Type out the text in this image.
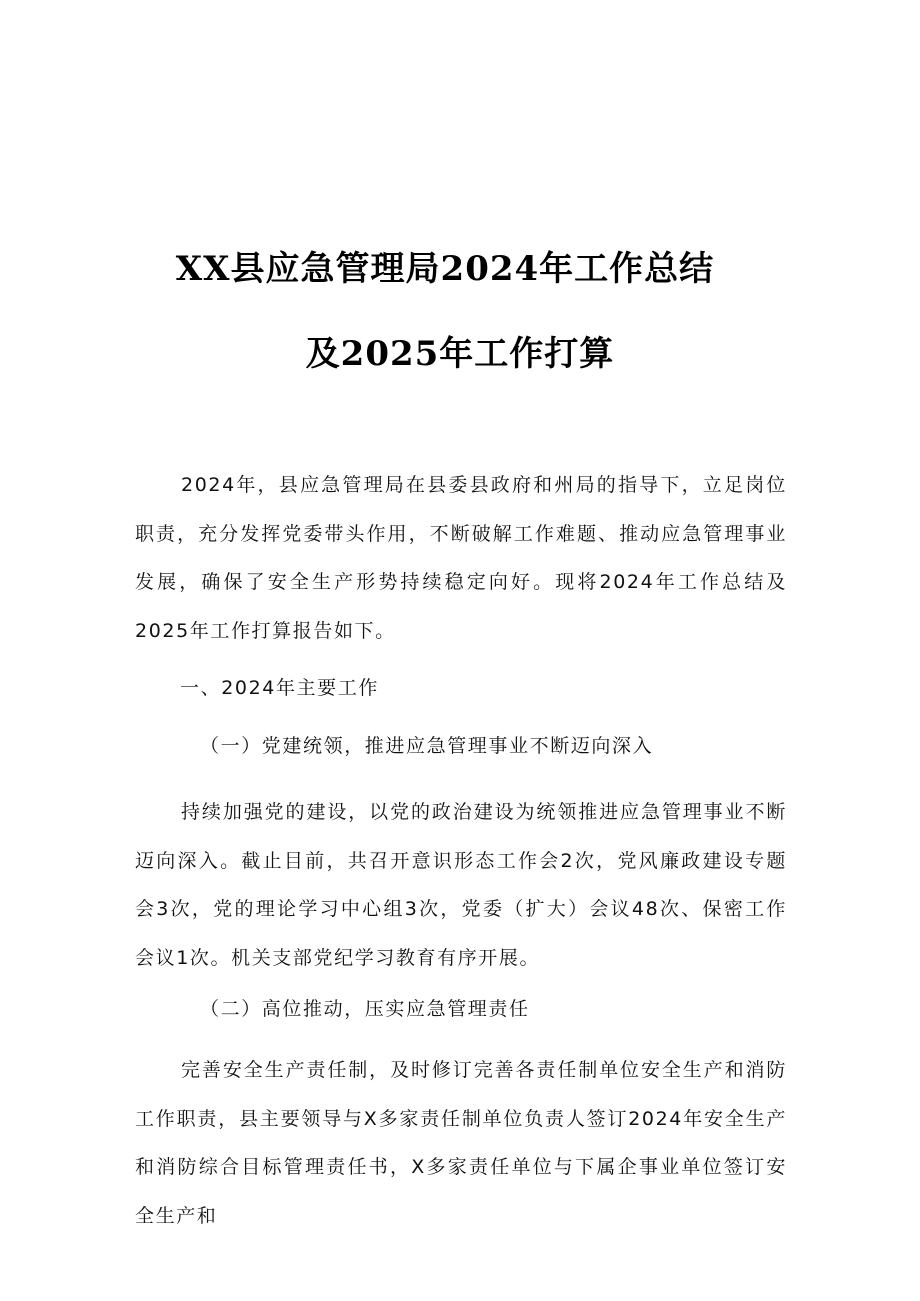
XX县应急管理局2024年工作总结
及2025年工作打算
2024年，县应急管理局在县委县政府和州局的指导下，立足岗位职责，充分发挥党委带头作用，不断破解工作难题、推动应急管理事业发展，确保了安全生产形势持续稳定向好。现将2024年工作总结及2025年工作打算报告如下。
一、2024年主要工作
（一）党建统领，推进应急管理事业不断迈向深入
持续加强党的建设，以党的政治建设为统领推进应急管理事业不断迈向深入。截止目前，共召开意识形态工作会2次，党风廉政建设专题会3次，党的理论学习中心组3次，党委（扩大）会议48次、保密工作会议1次。机关支部党纪学习教育有序开展。
（二）高位推动，压实应急管理责任
完善安全生产责任制，及时修订完善各责任制单位安全生产和消防工作职责，县主要领导与X多家责任制单位负责人签订2024年安全生产和消防综合目标管理责任书，X多家责任单位与下属企事业单位签订安全生产和
